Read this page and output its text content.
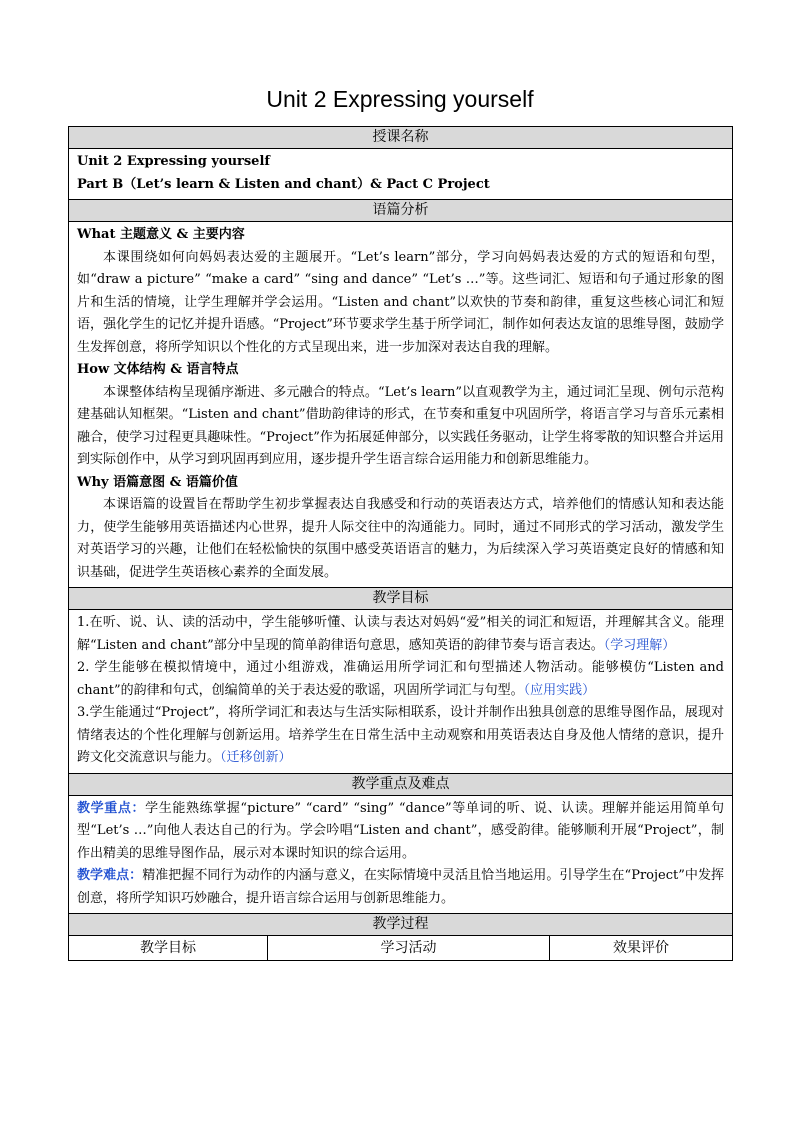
Unit 2 Expressing yourself
授课名称

Unit 2 Expressing yourself

Part B（Let’s learn & Listen and chant）& Pact C Project

语篇分析

What 主题意义 & 主要内容

本课围绕如何向妈妈表达爱的主题展开。“Let’s learn”部分，学习向妈妈表达爱的方式的短语和句型，如“draw a picture” “make a card” “sing and dance” “Let’s …”等。这些词汇、短语和句子通过形象的图片和生活的情境，让学生理解并学会运用。“Listen and chant”以欢快的节奏和韵律，重复这些核心词汇和短语，强化学生的记忆并提升语感。“Project”环节要求学生基于所学词汇，制作如何表达友谊的思维导图，鼓励学生发挥创意，将所学知识以个性化的方式呈现出来，进一步加深对表达自我的理解。

How 文体结构 & 语言特点

本课整体结构呈现循序渐进、多元融合的特点。“Let’s learn”以直观教学为主，通过词汇呈现、例句示范构建基础认知框架。“Listen and chant”借助韵律诗的形式，在节奏和重复中巩固所学，将语言学习与音乐元素相融合，使学习过程更具趣味性。“Project”作为拓展延伸部分，以实践任务驱动，让学生将零散的知识整合并运用到实际创作中，从学习到巩固再到应用，逐步提升学生语言综合运用能力和创新思维能力。

Why 语篇意图 & 语篇价值

本课语篇的设置旨在帮助学生初步掌握表达自我感受和行动的英语表达方式，培养他们的情感认知和表达能力，使学生能够用英语描述内心世界，提升人际交往中的沟通能力。同时，通过不同形式的学习活动，激发学生对英语学习的兴趣，让他们在轻松愉快的氛围中感受英语语言的魅力，为后续深入学习英语奠定良好的情感和知识基础，促进学生英语核心素养的全面发展。

教学目标

1.在听、说、认、读的活动中，学生能够听懂、认读与表达对妈妈“爱”相关的词汇和短语，并理解其含义。能理解“Listen and chant”部分中呈现的简单韵律语句意思，感知英语的韵律节奏与语言表达。（学习理解）

2. 学生能够在模拟情境中，通过小组游戏，准确运用所学词汇和句型描述人物活动。能够模仿“Listen and chant”的韵律和句式，创编简单的关于表达爱的歌谣，巩固所学词汇与句型。（应用实践）

3.学生能通过“Project”，将所学词汇和表达与生活实际相联系，设计并制作出独具创意的思维导图作品，展现对情绪表达的个性化理解与创新运用。培养学生在日常生活中主动观察和用英语表达自身及他人情绪的意识，提升跨文化交流意识与能力。（迁移创新）

教学重点及难点

教学重点：学生能熟练掌握“picture” “card” “sing” “dance”等单词的听、说、认读。理解并能运用简单句型“Let’s …”向他人表达自己的行为。学会吟唱“Listen and chant”，感受韵律。能够顺利开展“Project”，制作出精美的思维导图作品，展示对本课时知识的综合运用。

教学难点：精准把握不同行为动作的内涵与意义，在实际情境中灵活且恰当地运用。引导学生在“Project”中发挥创意，将所学知识巧妙融合，提升语言综合运用与创新思维能力。

教学过程
教学目标	学习活动	效果评价
